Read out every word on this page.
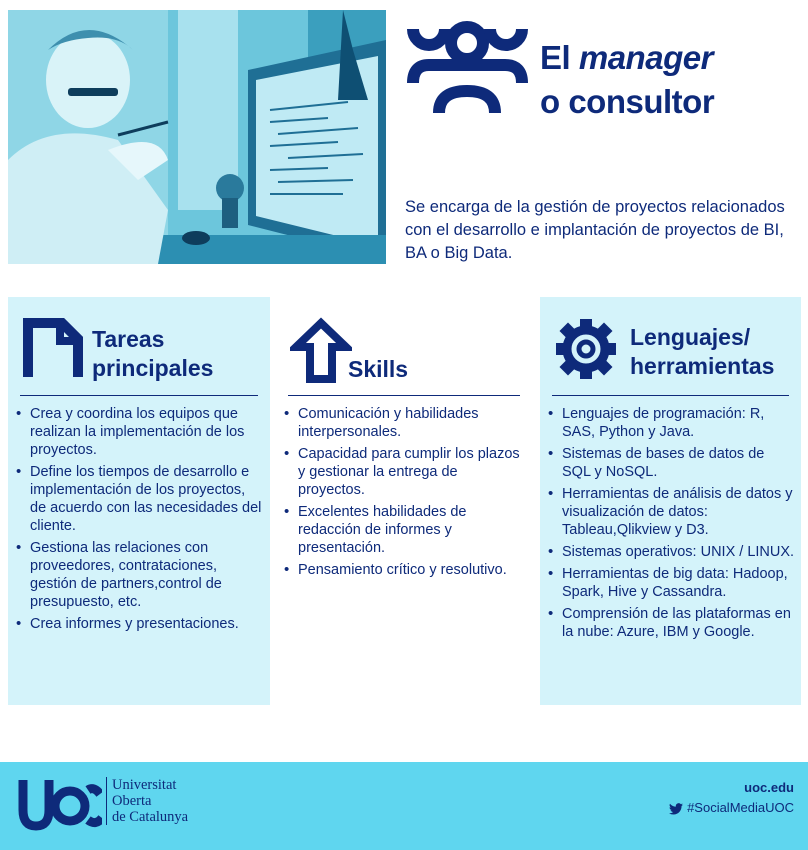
El manager
o consultor
Se encarga de la gestión de proyectos relacionados con el desarrollo e implantación de proyectos de BI, BA o Big Data.
Tareas
principales
• Crea y coordina los equipos que realizan la implementación de los proyectos.
• Define los tiempos de desarrollo e implementación de los proyectos, de acuerdo con las necesidades del cliente.
• Gestiona las relaciones con proveedores, contrataciones, gestión de partners,control de presupuesto, etc.
• Crea informes y presentaciones.
Skills
• Comunicación y habilidades interpersonales.
• Capacidad para cumplir los plazos y gestionar la entrega de proyectos.
• Excelentes habilidades de redacción de informes y presentación.
• Pensamiento crítico y resolutivo.
Lenguajes/
herramientas
• Lenguajes de programación: R, SAS, Python y Java.
• Sistemas de bases de datos de SQL y NoSQL.
• Herramientas de análisis de datos y visualización de datos: Tableau,Qlikview y D3.
• Sistemas operativos: UNIX / LINUX.
• Herramientas de big data: Hadoop, Spark, Hive y Cassandra.
• Comprensión de las plataformas en la nube: Azure, IBM y Google.
Universitat
Oberta
de Catalunya
uoc.edu
#SocialMediaUOC
